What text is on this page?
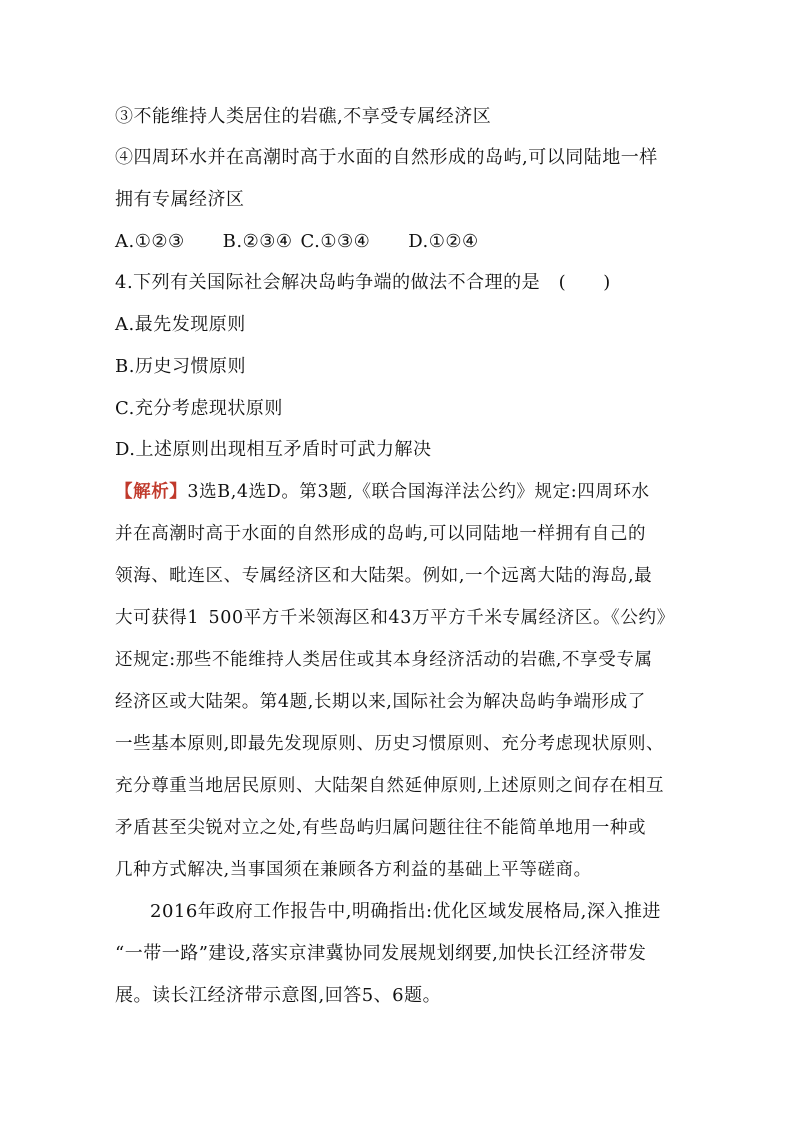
③不能维持人类居住的岩礁,不享受专属经济区
④四周环水并在高潮时高于水面的自然形成的岛屿,可以同陆地一样
拥有专属经济区
A.①②③ B.②③④ C.①③④ D.①②④
4.下列有关国际社会解决岛屿争端的做法不合理的是　(　　)
A.最先发现原则
B.历史习惯原则
C.充分考虑现状原则
D.上述原则出现相互矛盾时可武力解决
【解析】3选B,4选D。第3题,《联合国海洋法公约》规定:四周环水
并在高潮时高于水面的自然形成的岛屿,可以同陆地一样拥有自己的
领海、毗连区、专属经济区和大陆架。例如,一个远离大陆的海岛,最
大可获得1 500平方千米领海区和43万平方千米专属经济区。《公约》
还规定:那些不能维持人类居住或其本身经济活动的岩礁,不享受专属
经济区或大陆架。第4题,长期以来,国际社会为解决岛屿争端形成了
一些基本原则,即最先发现原则、历史习惯原则、充分考虑现状原则、
充分尊重当地居民原则、大陆架自然延伸原则,上述原则之间存在相互
矛盾甚至尖锐对立之处,有些岛屿归属问题往往不能简单地用一种或
几种方式解决,当事国须在兼顾各方利益的基础上平等磋商。
2016年政府工作报告中,明确指出:优化区域发展格局,深入推进
“一带一路”建设,落实京津冀协同发展规划纲要,加快长江经济带发
展。读长江经济带示意图,回答5、6题。
